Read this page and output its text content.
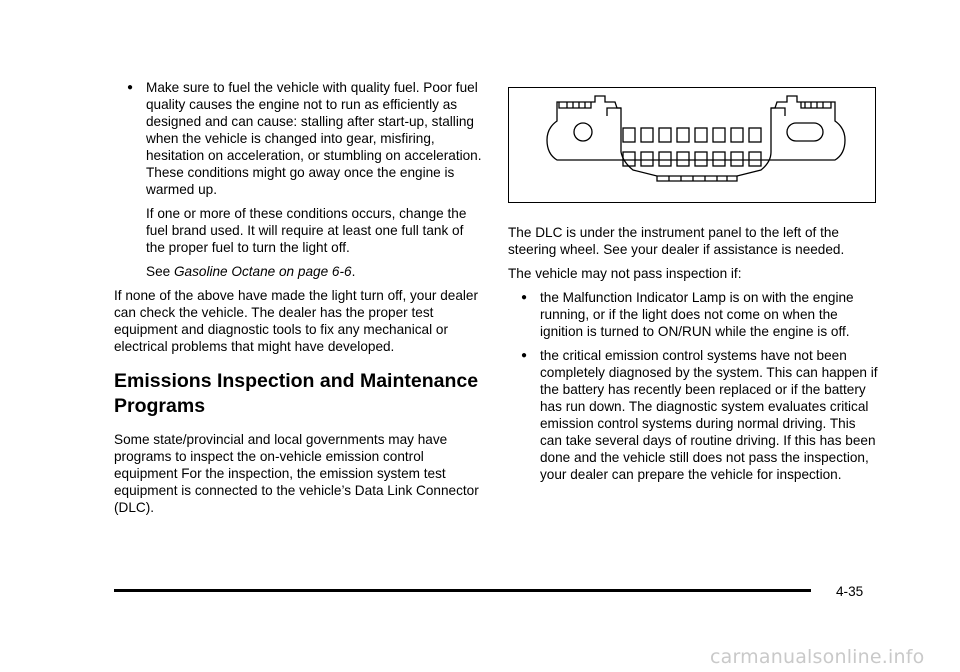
● Make sure to fuel the vehicle with quality fuel. Poor fuel quality causes the engine not to run as efficiently as designed and can cause: stalling after start-up, stalling when the vehicle is changed into gear, misfiring, hesitation on acceleration, or stumbling on acceleration. These conditions might go away once the engine is warmed up.

If one or more of these conditions occurs, change the fuel brand used. It will require at least one full tank of the proper fuel to turn the light off.

See Gasoline Octane on page 6-6.

If none of the above have made the light turn off, your dealer can check the vehicle. The dealer has the proper test equipment and diagnostic tools to fix any mechanical or electrical problems that might have developed.

Emissions Inspection and Maintenance Programs

Some state/provincial and local governments may have programs to inspect the on-vehicle emission control equipment For the inspection, the emission system test equipment is connected to the vehicle’s Data Link Connector (DLC).

The DLC is under the instrument panel to the left of the steering wheel. See your dealer if assistance is needed.

The vehicle may not pass inspection if:

● the Malfunction Indicator Lamp is on with the engine running, or if the light does not come on when the ignition is turned to ON/RUN while the engine is off.

● the critical emission control systems have not been completely diagnosed by the system. This can happen if the battery has recently been replaced or if the battery has run down. The diagnostic system evaluates critical emission control systems during normal driving. This can take several days of routine driving. If this has been done and the vehicle still does not pass the inspection, your dealer can prepare the vehicle for inspection.

4-35
carmanualsonline.info
